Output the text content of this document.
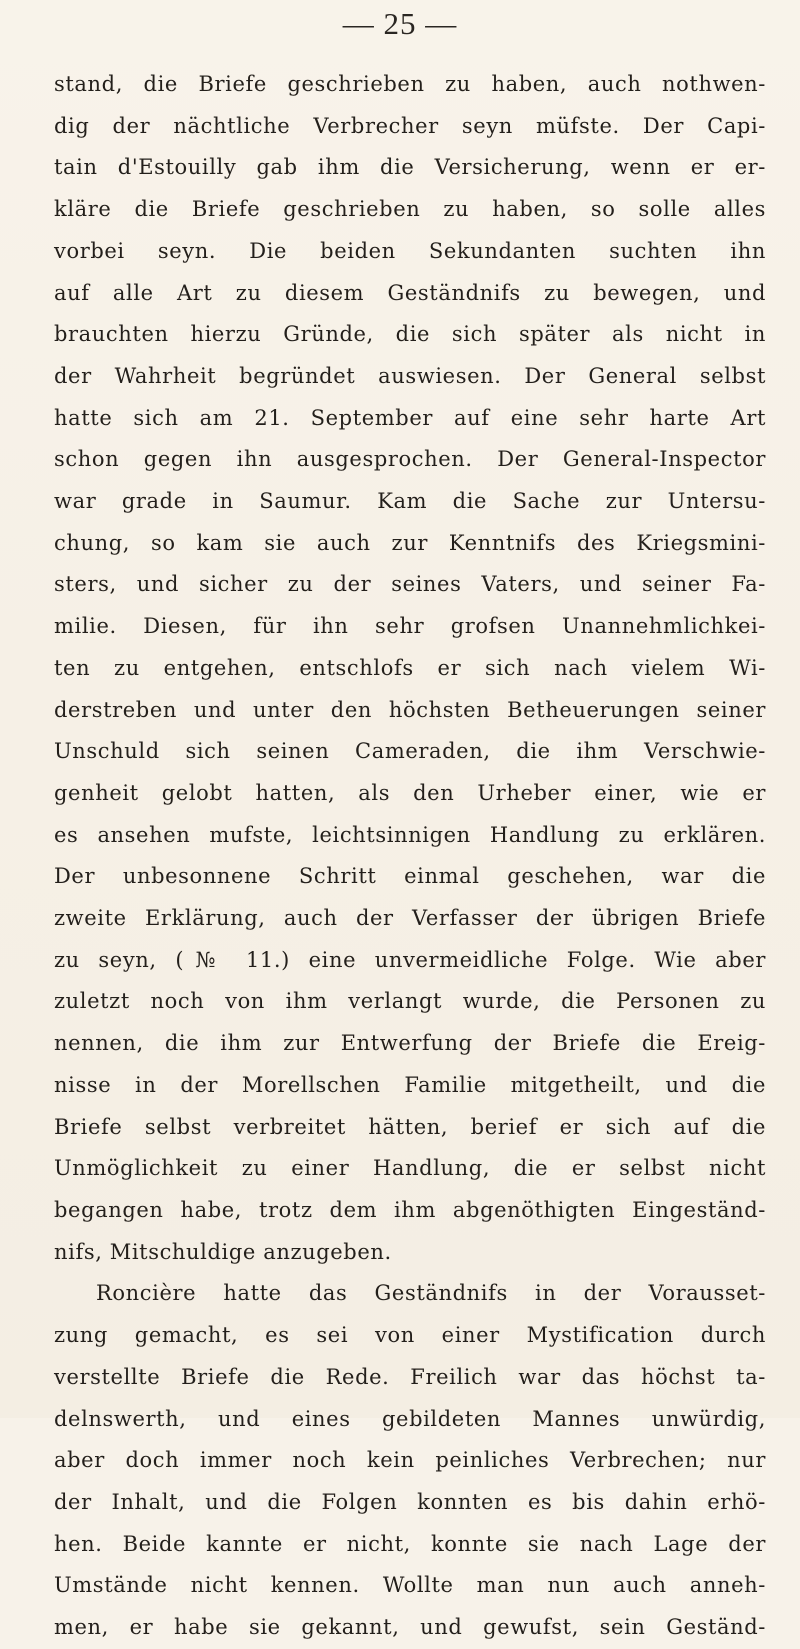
— 25 —
stand, die Briefe geschrieben zu haben, auch nothwen-
dig der nächtliche Verbrecher seyn müfste. Der Capi-
tain d'Estouilly gab ihm die Versicherung, wenn er er-
kläre die Briefe geschrieben zu haben, so solle alles
vorbei seyn. Die beiden Sekundanten suchten ihn
auf alle Art zu diesem Geständnifs zu bewegen, und
brauchten hierzu Gründe, die sich später als nicht in
der Wahrheit begründet auswiesen. Der General selbst
hatte sich am 21. September auf eine sehr harte Art
schon gegen ihn ausgesprochen. Der General-Inspector
war grade in Saumur. Kam die Sache zur Untersu-
chung, so kam sie auch zur Kenntnifs des Kriegsmini-
sters, und sicher zu der seines Vaters, und seiner Fa-
milie. Diesen, für ihn sehr grofsen Unannehmlichkei-
ten zu entgehen, entschlofs er sich nach vielem Wi-
derstreben und unter den höchsten Betheuerungen seiner
Unschuld sich seinen Cameraden, die ihm Verschwie-
genheit gelobt hatten, als den Urheber einer, wie er
es ansehen mufste, leichtsinnigen Handlung zu erklären.
Der unbesonnene Schritt einmal geschehen, war die
zweite Erklärung, auch der Verfasser der übrigen Briefe
zu seyn, (№ 11.) eine unvermeidliche Folge. Wie aber
zuletzt noch von ihm verlangt wurde, die Personen zu
nennen, die ihm zur Entwerfung der Briefe die Ereig-
nisse in der Morellschen Familie mitgetheilt, und die
Briefe selbst verbreitet hätten, berief er sich auf die
Unmöglichkeit zu einer Handlung, die er selbst nicht
begangen habe, trotz dem ihm abgenöthigten Eingeständ-
nifs, Mitschuldige anzugeben.
Roncière hatte das Geständnifs in der Vorausset-
zung gemacht, es sei von einer Mystification durch
verstellte Briefe die Rede. Freilich war das höchst ta-
delnswerth, und eines gebildeten Mannes unwürdig,
aber doch immer noch kein peinliches Verbrechen; nur
der Inhalt, und die Folgen konnten es bis dahin erhö-
hen. Beide kannte er nicht, konnte sie nach Lage der
Umstände nicht kennen. Wollte man nun auch anneh-
men, er habe sie gekannt, und gewufst, sein Geständ-
